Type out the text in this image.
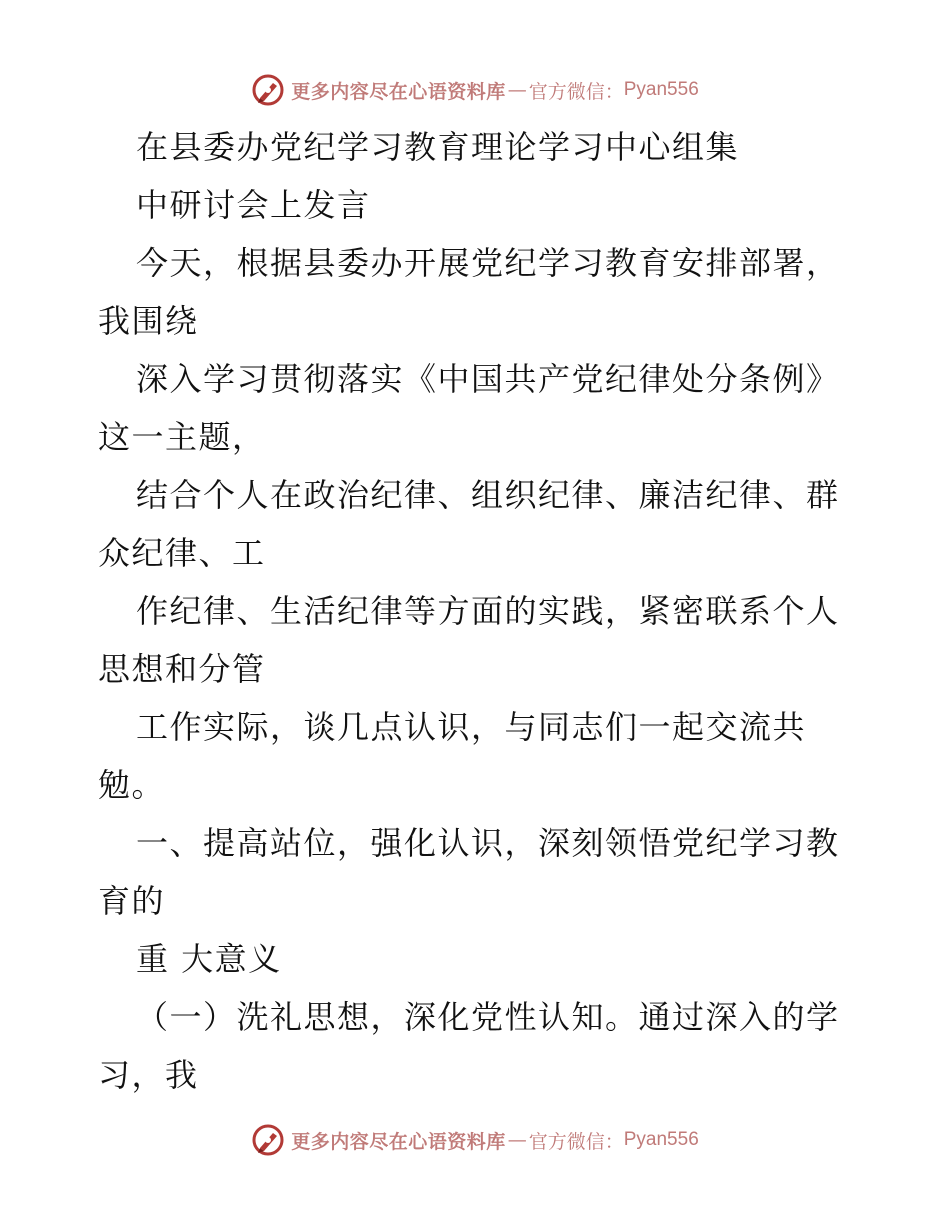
更多内容尽在心语资料库 — 官方微信： Pyan556
在县委办党纪学习教育理论学习中心组集
中研讨会上发言
今天，根据县委办开展党纪学习教育安排部署，
我围绕
深入学习贯彻落实《中国共产党纪律处分条例》
这一主题，
结合个人在政治纪律、组织纪律、廉洁纪律、群
众纪律、工
作纪律、生活纪律等方面的实践，紧密联系个人
思想和分管
工作实际，谈几点认识，与同志们一起交流共
勉。
一、提高站位，强化认识，深刻领悟党纪学习教
育的
重 大意义
（一）洗礼思想，深化党性认知。通过深入的学
习，我
更多内容尽在心语资料库 — 官方微信： Pyan556
